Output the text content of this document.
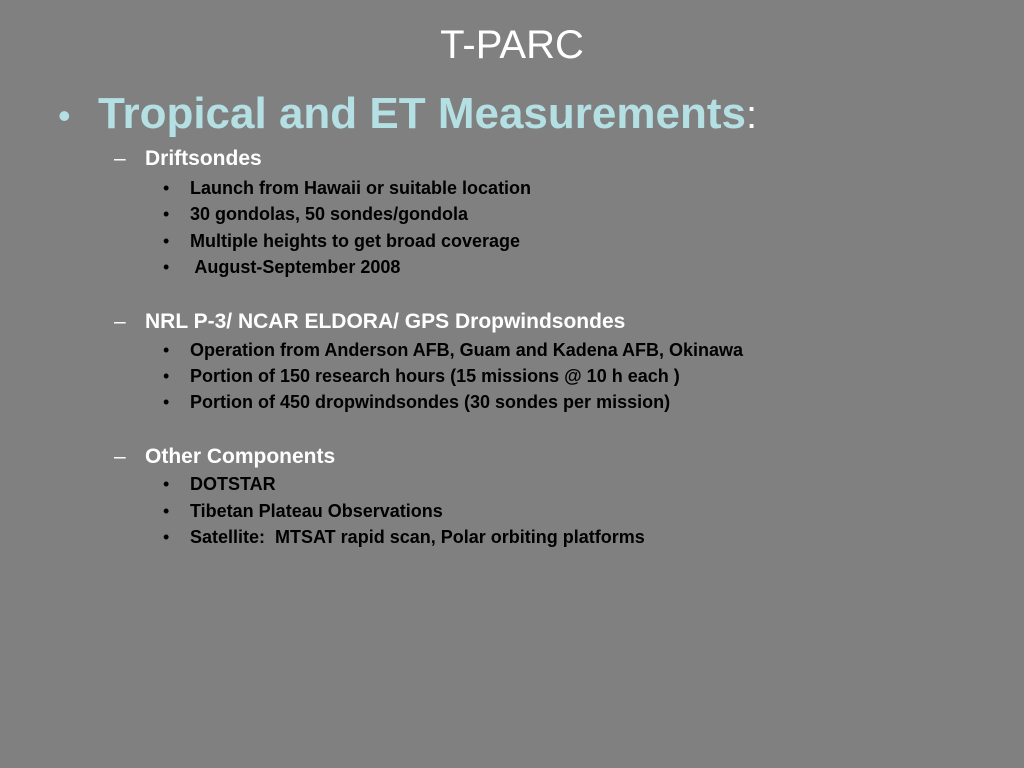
T-PARC
• Tropical and ET Measurements:
– Driftsondes
• Launch from Hawaii or suitable location
• 30 gondolas, 50 sondes/gondola
• Multiple heights to get broad coverage
• August-September 2008
– NRL P-3/ NCAR ELDORA/ GPS Dropwindsondes
• Operation from Anderson AFB, Guam and Kadena AFB, Okinawa
• Portion of 150 research hours (15 missions @ 10 h each )
• Portion of 450 dropwindsondes (30 sondes per mission)
– Other Components
• DOTSTAR
• Tibetan Plateau Observations
• Satellite:  MTSAT rapid scan, Polar orbiting platforms
